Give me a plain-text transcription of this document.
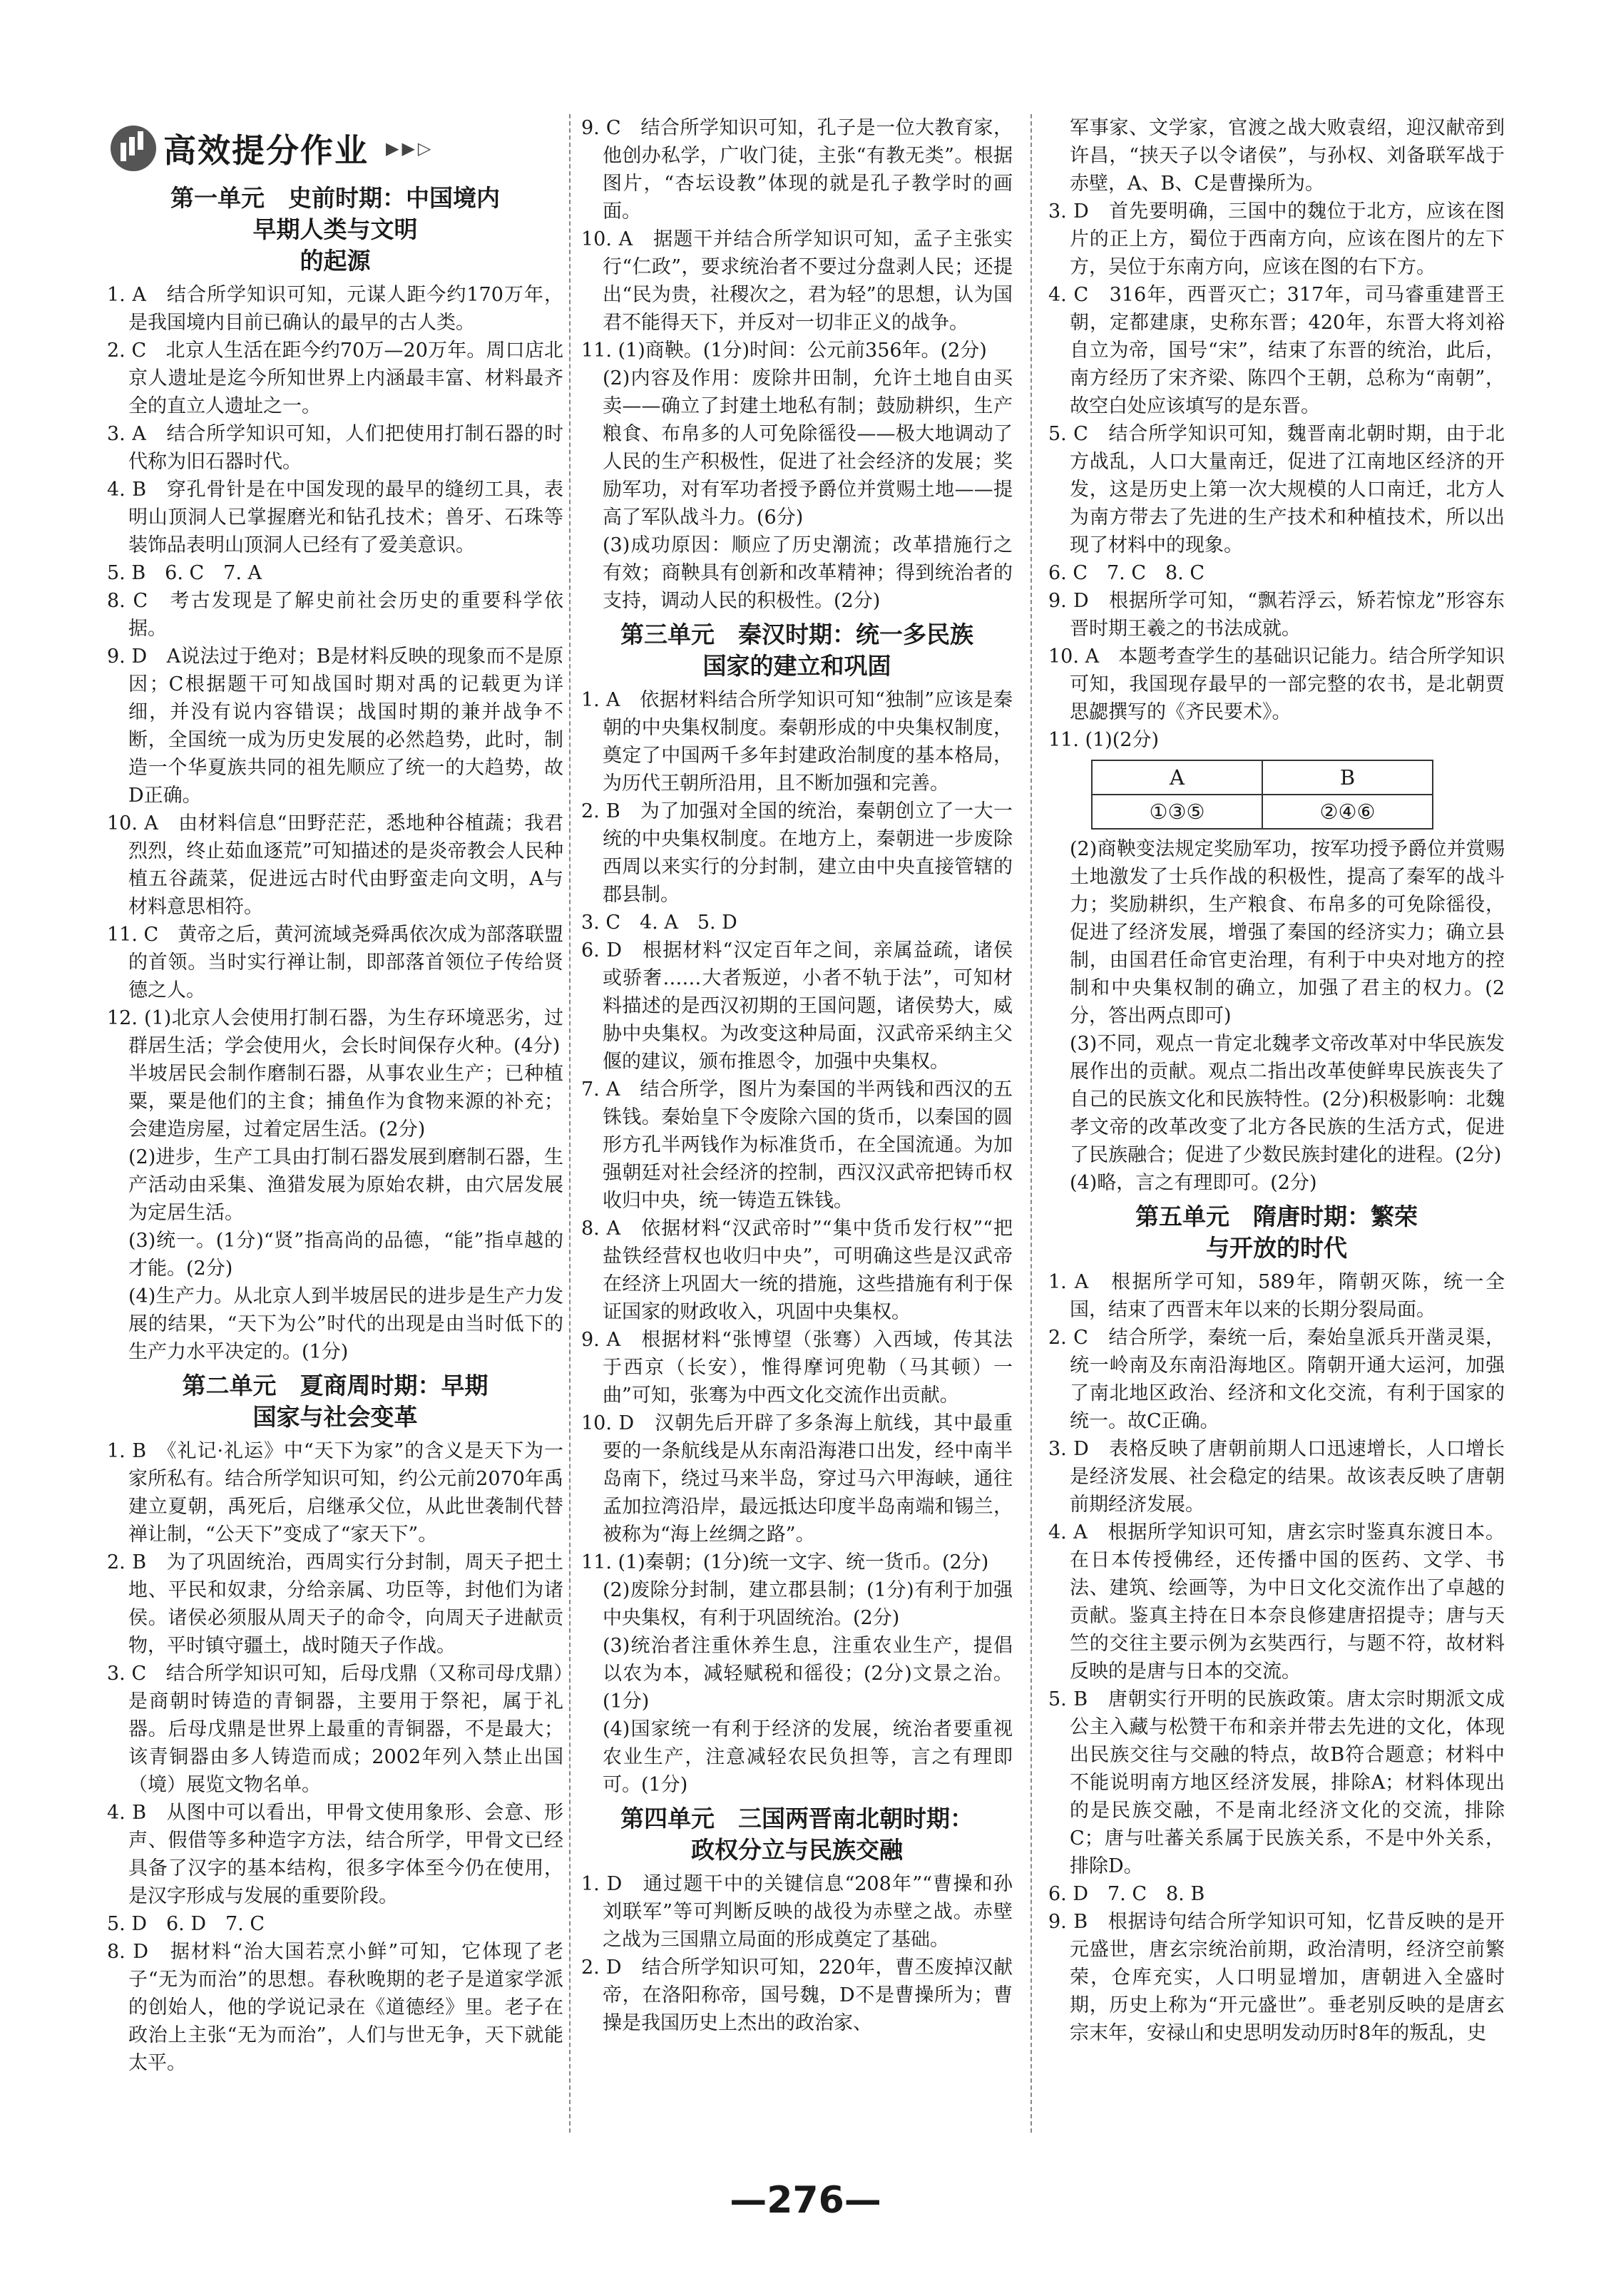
高效提分作业 ▶▶▷
第一单元　史前时期：中国境内
早期人类与文明
的起源

1. A　结合所学知识可知，元谋人距今约170万年，是我国境内目前已确认的最早的古人类。

2. C　北京人生活在距今约70万—20万年。周口店北京人遗址是迄今所知世界上内涵最丰富、材料最齐全的直立人遗址之一。

3. A　结合所学知识可知，人们把使用打制石器的时代称为旧石器时代。

4. B　穿孔骨针是在中国发现的最早的缝纫工具，表明山顶洞人已掌握磨光和钻孔技术；兽牙、石珠等装饰品表明山顶洞人已经有了爱美意识。

5. B　6. C　7. A

8. C　考古发现是了解史前社会历史的重要科学依据。

9. D　A说法过于绝对；B是材料反映的现象而不是原因；C根据题干可知战国时期对禹的记载更为详细，并没有说内容错误；战国时期的兼并战争不断，全国统一成为历史发展的必然趋势，此时，制造一个华夏族共同的祖先顺应了统一的大趋势，故D正确。

10. A　由材料信息“田野茫茫，悉地种谷植蔬；我君烈烈，终止茹血逐荒”可知描述的是炎帝教会人民种植五谷蔬菜，促进远古时代由野蛮走向文明，A与材料意思相符。

11. C　黄帝之后，黄河流域尧舜禹依次成为部落联盟的首领。当时实行禅让制，即部落首领位子传给贤德之人。

12. (1)北京人会使用打制石器，为生存环境恶劣，过群居生活；学会使用火，会长时间保存火种。(4分)

半坡居民会制作磨制石器，从事农业生产；已种植粟，粟是他们的主食；捕鱼作为食物来源的补充；会建造房屋，过着定居生活。(2分)

(2)进步，生产工具由打制石器发展到磨制石器，生产活动由采集、渔猎发展为原始农耕，由穴居发展为定居生活。

(3)统一。(1分)“贤”指高尚的品德，“能”指卓越的才能。(2分)

(4)生产力。从北京人到半坡居民的进步是生产力发展的结果，“天下为公”时代的出现是由当时低下的生产力水平决定的。(1分)

第二单元　夏商周时期：早期
国家与社会变革

1. B　《礼记·礼运》中“天下为家”的含义是天下为一家所私有。结合所学知识可知，约公元前2070年禹建立夏朝，禹死后，启继承父位，从此世袭制代替禅让制，“公天下”变成了“家天下”。

2. B　为了巩固统治，西周实行分封制，周天子把土地、平民和奴隶，分给亲属、功臣等，封他们为诸侯。诸侯必须服从周天子的命令，向周天子进献贡物，平时镇守疆土，战时随天子作战。

3. C　结合所学知识可知，后母戊鼎（又称司母戊鼎）是商朝时铸造的青铜器，主要用于祭祀，属于礼器。后母戊鼎是世界上最重的青铜器，不是最大；该青铜器由多人铸造而成；2002年列入禁止出国（境）展览文物名单。

4. B　从图中可以看出，甲骨文使用象形、会意、形声、假借等多种造字方法，结合所学，甲骨文已经具备了汉字的基本结构，很多字体至今仍在使用，是汉字形成与发展的重要阶段。

5. D　6. D　7. C

8. D　据材料“治大国若烹小鲜”可知，它体现了老子“无为而治”的思想。春秋晚期的老子是道家学派的创始人，他的学说记录在《道德经》里。老子在政治上主张“无为而治”，人们与世无争，天下就能太平。

9. C　结合所学知识可知，孔子是一位大教育家，他创办私学，广收门徒，主张“有教无类”。根据图片，“杏坛设教”体现的就是孔子教学时的画面。

10. A　据题干并结合所学知识可知，孟子主张实行“仁政”，要求统治者不要过分盘剥人民；还提出“民为贵，社稷次之，君为轻”的思想，认为国君不能得天下，并反对一切非正义的战争。

11. (1)商鞅。(1分)时间：公元前356年。(2分)

(2)内容及作用：废除井田制，允许土地自由买卖——确立了封建土地私有制；鼓励耕织，生产粮食、布帛多的人可免除徭役——极大地调动了人民的生产积极性，促进了社会经济的发展；奖励军功，对有军功者授予爵位并赏赐土地——提高了军队战斗力。(6分)

(3)成功原因：顺应了历史潮流；改革措施行之有效；商鞅具有创新和改革精神；得到统治者的支持，调动人民的积极性。(2分)

第三单元　秦汉时期：统一多民族
国家的建立和巩固

1. A　依据材料结合所学知识可知“独制”应该是秦朝的中央集权制度。秦朝形成的中央集权制度，奠定了中国两千多年封建政治制度的基本格局，为历代王朝所沿用，且不断加强和完善。

2. B　为了加强对全国的统治，秦朝创立了一大一统的中央集权制度。在地方上，秦朝进一步废除西周以来实行的分封制，建立由中央直接管辖的郡县制。

3. C　4. A　5. D

6. D　根据材料“汉定百年之间，亲属益疏，诸侯或骄奢……大者叛逆，小者不轨于法”，可知材料描述的是西汉初期的王国问题，诸侯势大，威胁中央集权。为改变这种局面，汉武帝采纳主父偃的建议，颁布推恩令，加强中央集权。

7. A　结合所学，图片为秦国的半两钱和西汉的五铢钱。秦始皇下令废除六国的货币，以秦国的圆形方孔半两钱作为标准货币，在全国流通。为加强朝廷对社会经济的控制，西汉汉武帝把铸币权收归中央，统一铸造五铢钱。

8. A　依据材料“汉武帝时”“集中货币发行权”“把盐铁经营权也收归中央”，可明确这些是汉武帝在经济上巩固大一统的措施，这些措施有利于保证国家的财政收入，巩固中央集权。

9. A　根据材料“张博望（张骞）入西域，传其法于西京（长安），惟得摩诃兜勒（马其顿）一曲”可知，张骞为中西文化交流作出贡献。

10. D　汉朝先后开辟了多条海上航线，其中最重要的一条航线是从东南沿海港口出发，经中南半岛南下，绕过马来半岛，穿过马六甲海峡，通往孟加拉湾沿岸，最远抵达印度半岛南端和锡兰，被称为“海上丝绸之路”。

11. (1)秦朝；(1分)统一文字、统一货币。(2分)

(2)废除分封制，建立郡县制；(1分)有利于加强中央集权，有利于巩固统治。(2分)

(3)统治者注重休养生息，注重农业生产，提倡以农为本，减轻赋税和徭役；(2分)文景之治。(1分)

(4)国家统一有利于经济的发展，统治者要重视农业生产，注意减轻农民负担等，言之有理即可。(1分)

第四单元　三国两晋南北朝时期：
政权分立与民族交融

1. D　通过题干中的关键信息“208年”“曹操和孙刘联军”等可判断反映的战役为赤壁之战。赤壁之战为三国鼎立局面的形成奠定了基础。

2. D　结合所学知识可知，220年，曹丕废掉汉献帝，在洛阳称帝，国号魏，D不是曹操所为；曹操是我国历史上杰出的政治家、

军事家、文学家，官渡之战大败袁绍，迎汉献帝到许昌，“挟天子以令诸侯”，与孙权、刘备联军战于赤壁，A、B、C是曹操所为。

3. D　首先要明确，三国中的魏位于北方，应该在图片的正上方，蜀位于西南方向，应该在图片的左下方，吴位于东南方向，应该在图的右下方。

4. C　316年，西晋灭亡；317年，司马睿重建晋王朝，定都建康，史称东晋；420年，东晋大将刘裕自立为帝，国号“宋”，结束了东晋的统治，此后，南方经历了宋齐梁、陈四个王朝，总称为“南朝”，故空白处应该填写的是东晋。

5. C　结合所学知识可知，魏晋南北朝时期，由于北方战乱，人口大量南迁，促进了江南地区经济的开发，这是历史上第一次大规模的人口南迁，北方人为南方带去了先进的生产技术和种植技术，所以出现了材料中的现象。

6. C　7. C　8. C

9. D　根据所学可知，“飘若浮云，矫若惊龙”形容东晋时期王羲之的书法成就。

10. A　本题考查学生的基础识记能力。结合所学知识可知，我国现存最早的一部完整的农书，是北朝贾思勰撰写的《齐民要术》。

11. (1)(2分)

A	B
①③⑤	②④⑥

(2)商鞅变法规定奖励军功，按军功授予爵位并赏赐土地激发了士兵作战的积极性，提高了秦军的战斗力；奖励耕织，生产粮食、布帛多的可免除徭役，促进了经济发展，增强了秦国的经济实力；确立县制，由国君任命官吏治理，有利于中央对地方的控制和中央集权制的确立，加强了君主的权力。(2分，答出两点即可)

(3)不同，观点一肯定北魏孝文帝改革对中华民族发展作出的贡献。观点二指出改革使鲜卑民族丧失了自己的民族文化和民族特性。(2分)积极影响：北魏孝文帝的改革改变了北方各民族的生活方式，促进了民族融合；促进了少数民族封建化的进程。(2分)

(4)略，言之有理即可。(2分)

第五单元　隋唐时期：繁荣
与开放的时代

1. A　根据所学可知，589年，隋朝灭陈，统一全国，结束了西晋末年以来的长期分裂局面。

2. C　结合所学，秦统一后，秦始皇派兵开凿灵渠，统一岭南及东南沿海地区。隋朝开通大运河，加强了南北地区政治、经济和文化交流，有利于国家的统一。故C正确。

3. D　表格反映了唐朝前期人口迅速增长，人口增长是经济发展、社会稳定的结果。故该表反映了唐朝前期经济发展。

4. A　根据所学知识可知，唐玄宗时鉴真东渡日本。在日本传授佛经，还传播中国的医药、文学、书法、建筑、绘画等，为中日文化交流作出了卓越的贡献。鉴真主持在日本奈良修建唐招提寺；唐与天竺的交往主要示例为玄奘西行，与题不符，故材料反映的是唐与日本的交流。

5. B　唐朝实行开明的民族政策。唐太宗时期派文成公主入藏与松赞干布和亲并带去先进的文化，体现出民族交往与交融的特点，故B符合题意；材料中不能说明南方地区经济发展，排除A；材料体现出的是民族交融，不是南北经济文化的交流，排除C；唐与吐蕃关系属于民族关系，不是中外关系，排除D。

6. D　7. C　8. B

9. B　根据诗句结合所学知识可知，忆昔反映的是开元盛世，唐玄宗统治前期，政治清明，经济空前繁荣，仓库充实，人口明显增加，唐朝进入全盛时期，历史上称为“开元盛世”。垂老别反映的是唐玄宗末年，安禄山和史思明发动历时8年的叛乱，史

—276—
